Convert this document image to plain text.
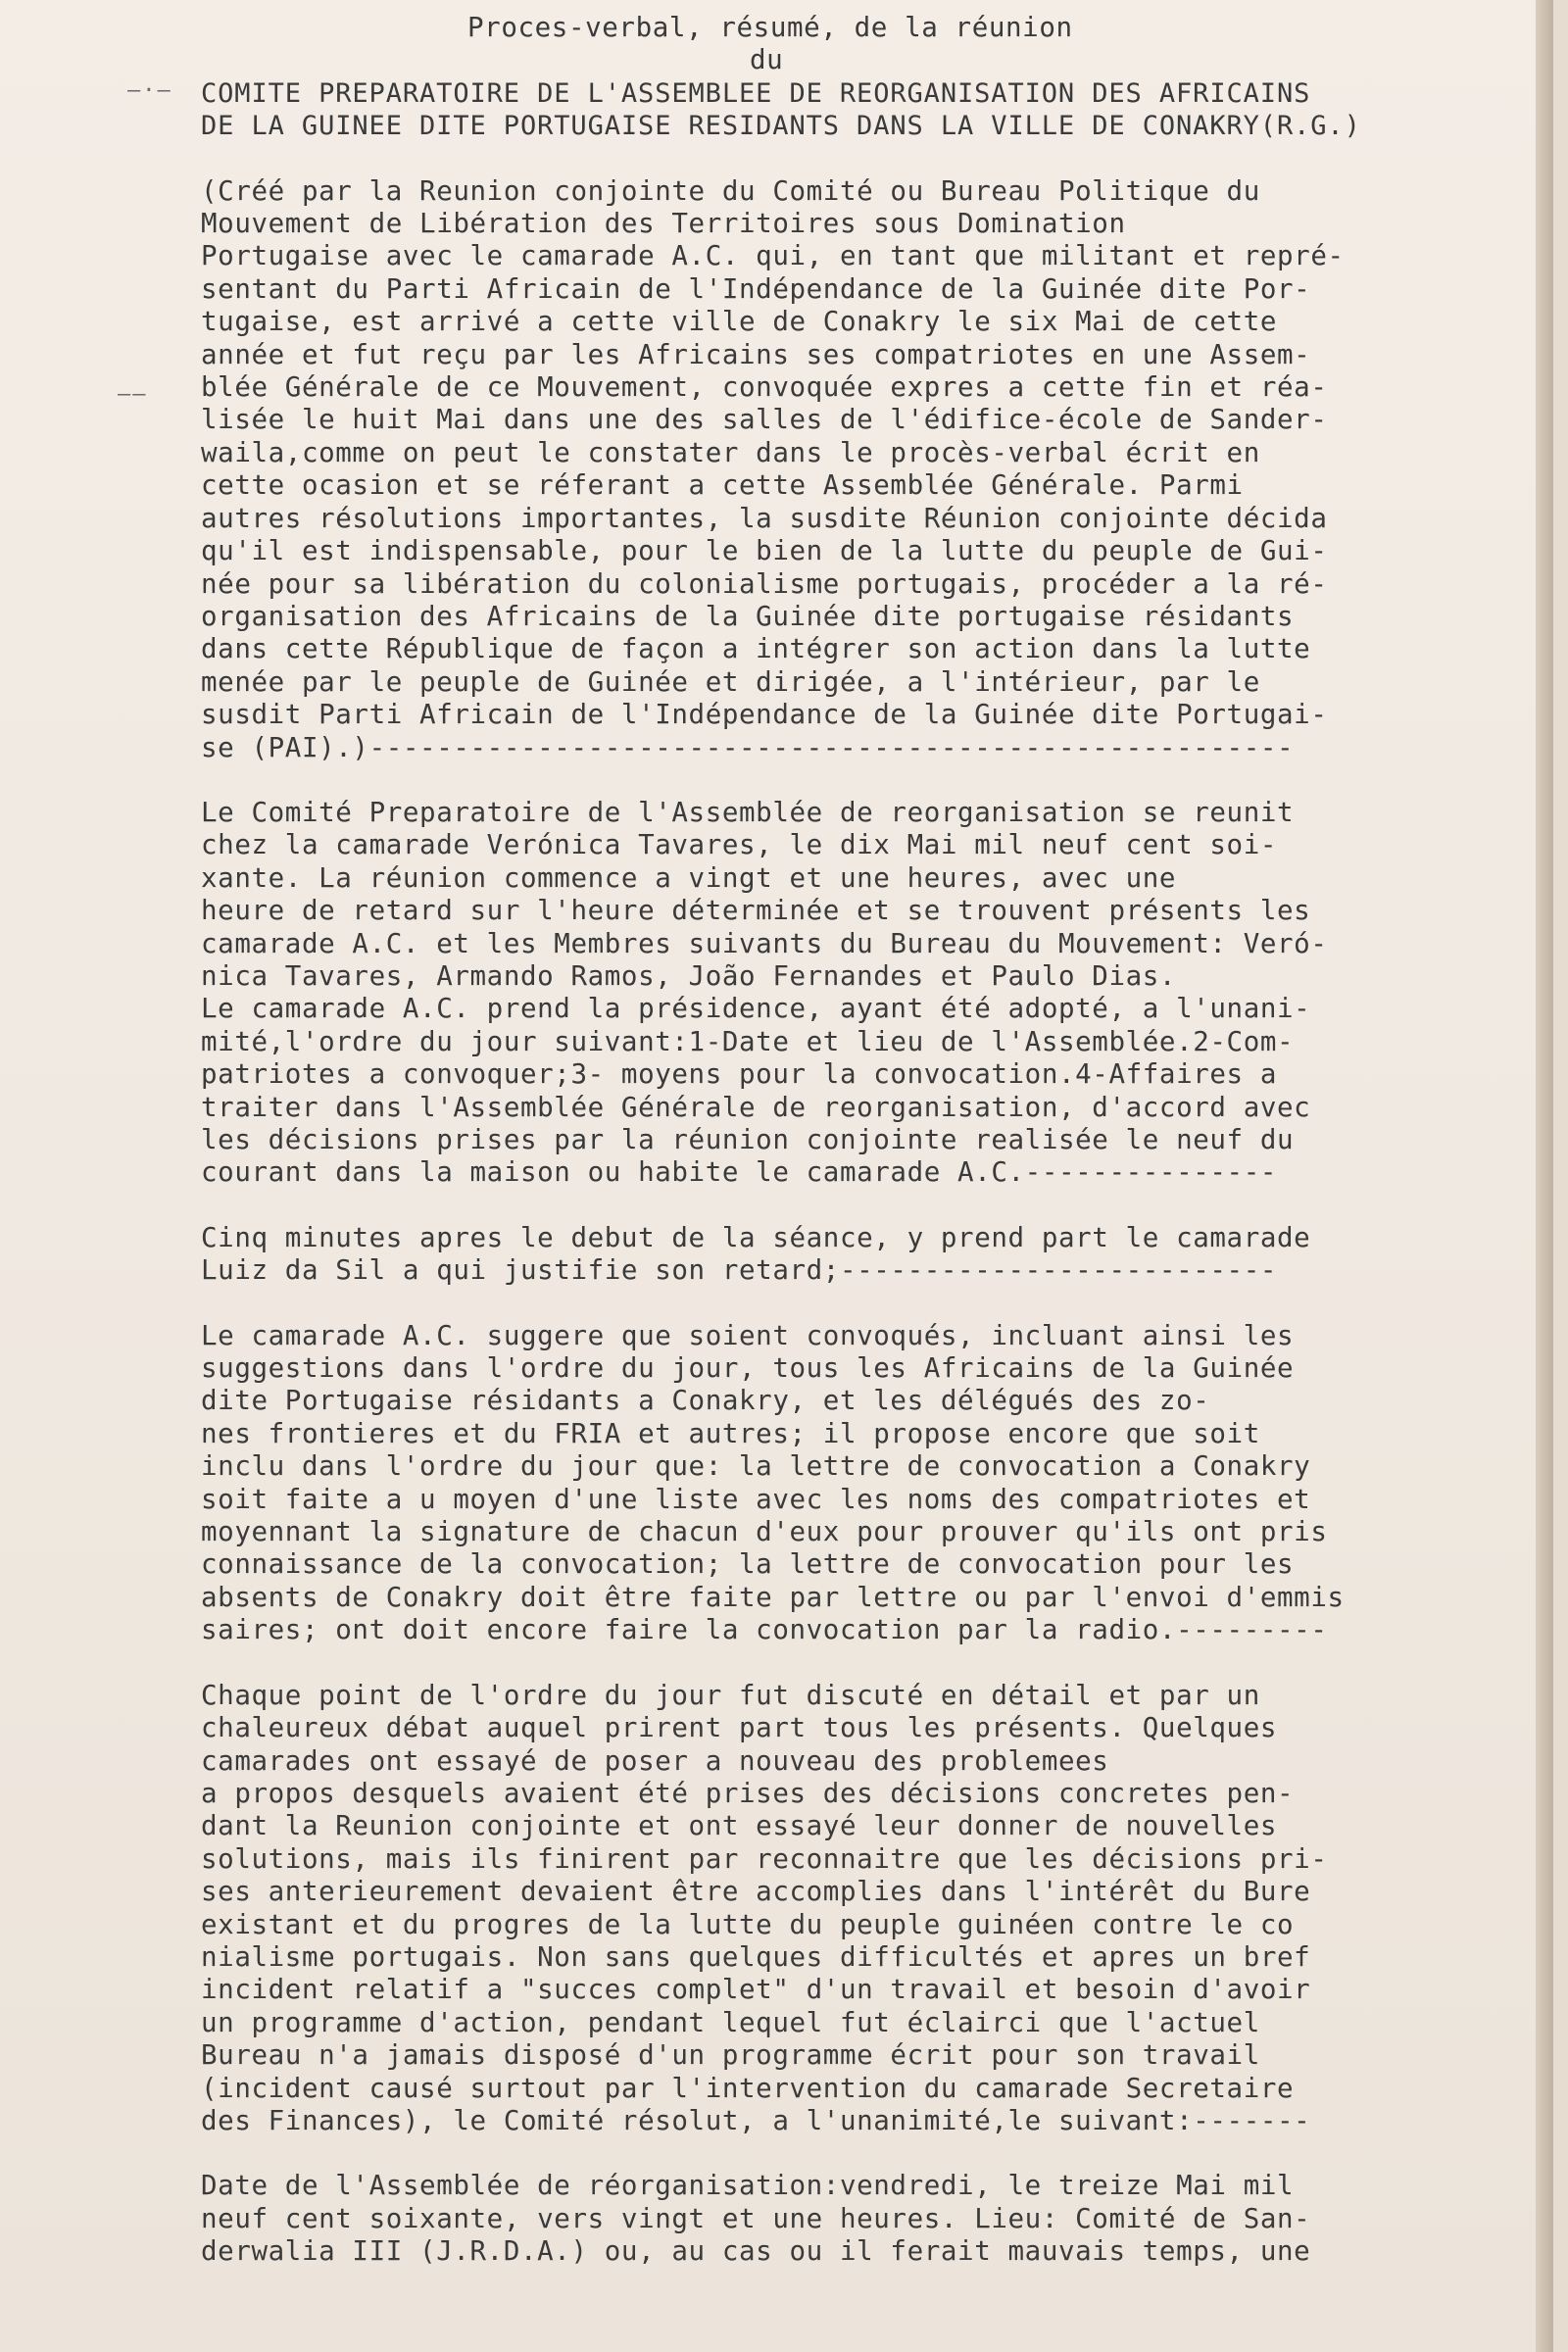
—·—
——

Proces-verbal, résumé, de la réunion

du

COMITE PREPARATOIRE DE L'ASSEMBLEE DE REORGANISATION DES AFRICAINS

DE LA GUINEE DITE PORTUGAISE RESIDANTS DANS LA VILLE DE CONAKRY(R.G.)

(Créé par la Reunion conjointe du Comité ou Bureau Politique du

Mouvement de Libération des Territoires sous Domination

Portugaise avec le camarade A.C. qui, en tant que militant et repré-

sentant du Parti Africain de l'Indépendance de la Guinée dite Por-

tugaise, est arrivé a cette ville de Conakry le six Mai de cette

année et fut reçu par les Africains ses compatriotes en une Assem-

blée Générale de ce Mouvement, convoquée expres a cette fin et réa-

lisée le huit Mai dans une des salles de l'édifice-école de Sander-

waila,comme on peut le constater dans le procès-verbal écrit en

cette ocasion et se réferant a cette Assemblée Générale. Parmi

autres résolutions importantes, la susdite Réunion conjointe décida

qu'il est indispensable, pour le bien de la lutte du peuple de Gui-

née pour sa libération du colonialisme portugais, procéder a la ré-

organisation des Africains de la Guinée dite portugaise résidants

dans cette République de façon a intégrer son action dans la lutte

menée par le peuple de Guinée et dirigée, a l'intérieur, par le

susdit Parti Africain de l'Indépendance de la Guinée dite Portugai-

se (PAI).)-------------------------------------------------------

Le Comité Preparatoire de l'Assemblée de reorganisation se reunit

chez la camarade Verónica Tavares, le dix Mai mil neuf cent soi-

xante. La réunion commence a vingt et une heures, avec une

heure de retard sur l'heure déterminée et se trouvent présents les

camarade A.C. et les Membres suivants du Bureau du Mouvement: Veró-

nica Tavares, Armando Ramos, João Fernandes et Paulo Dias.

Le camarade A.C. prend la présidence, ayant été adopté, a l'unani-

mité,l'ordre du jour suivant:1-Date et lieu de l'Assemblée.2-Com-

patriotes a convoquer;3- moyens pour la convocation.4-Affaires a

traiter dans l'Assemblée Générale de reorganisation, d'accord avec

les décisions prises par la réunion conjointe realisée le neuf du

courant dans la maison ou habite le camarade A.C.---------------

Cinq minutes apres le debut de la séance, y prend part le camarade

Luiz da Sil a qui justifie son retard;--------------------------

Le camarade A.C. suggere que soient convoqués, incluant ainsi les

suggestions dans l'ordre du jour, tous les Africains de la Guinée

dite Portugaise résidants a Conakry, et les délégués des zo-

nes frontieres et du FRIA et autres; il propose encore que soit

inclu dans l'ordre du jour que: la lettre de convocation a Conakry

soit faite a u moyen d'une liste avec les noms des compatriotes et

moyennant la signature de chacun d'eux pour prouver qu'ils ont pris

connaissance de la convocation; la lettre de convocation pour les

absents de Conakry doit être faite par lettre ou par l'envoi d'emmis

saires; ont doit encore faire la convocation par la radio.---------

Chaque point de l'ordre du jour fut discuté en détail et par un

chaleureux débat auquel prirent part tous les présents. Quelques

camarades ont essayé de poser a nouveau des problemees

a propos desquels avaient été prises des décisions concretes pen-

dant la Reunion conjointe et ont essayé leur donner de nouvelles

solutions, mais ils finirent par reconnaitre que les décisions pri-

ses anterieurement devaient être accomplies dans l'intérêt du Bure

existant et du progres de la lutte du peuple guinéen contre le co

nialisme portugais. Non sans quelques difficultés et apres un bref

incident relatif a "succes complet" d'un travail et besoin d'avoir

un programme d'action, pendant lequel fut éclairci que l'actuel

Bureau n'a jamais disposé d'un programme écrit pour son travail

(incident causé surtout par l'intervention du camarade Secretaire

des Finances), le Comité résolut, a l'unanimité,le suivant:-------

Date de l'Assemblée de réorganisation:vendredi, le treize Mai mil

neuf cent soixante, vers vingt et une heures. Lieu: Comité de San-

derwalia III (J.R.D.A.) ou, au cas ou il ferait mauvais temps, une
